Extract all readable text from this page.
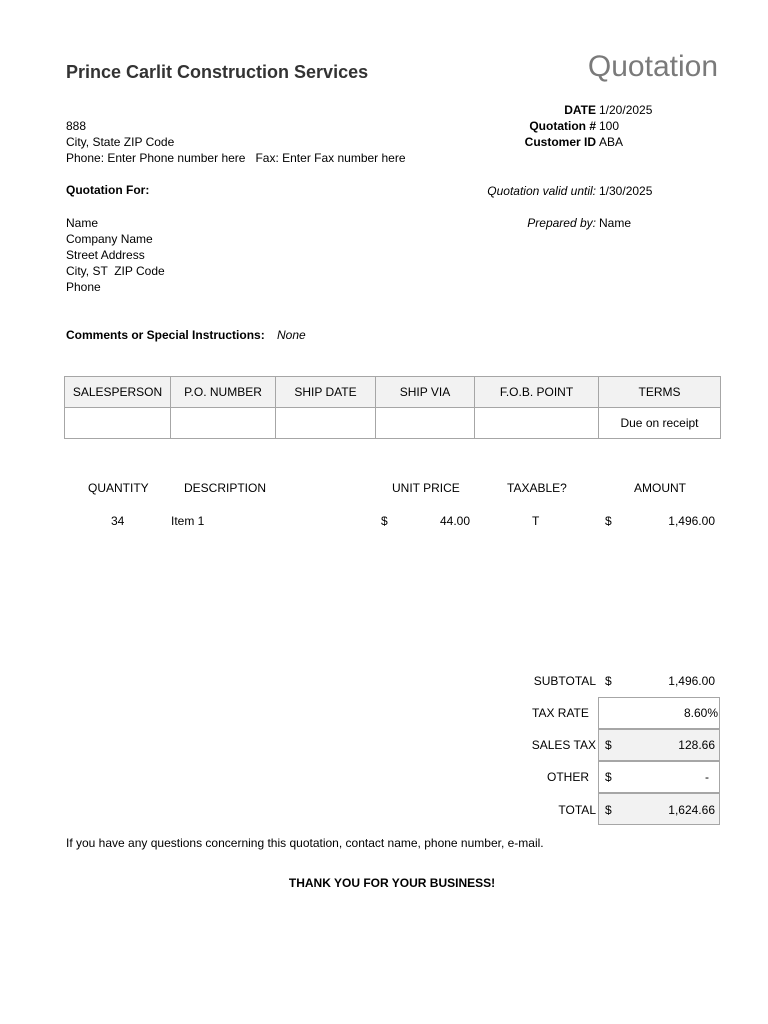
Prince Carlit Construction Services	Quotation
888
City, State ZIP Code
Phone: Enter Phone number here   Fax: Enter Fax number here
DATE 1/20/2025
Quotation # 100
Customer ID ABA
Quotation valid until: 1/30/2025
Prepared by: Name
Quotation For:
Name
Company Name
Street Address
City, ST  ZIP Code
Phone
Comments or Special Instructions: None
SALESPERSON	P.O. NUMBER	SHIP DATE	SHIP VIA	F.O.B. POINT	TERMS
					Due on receipt
QUANTITY	DESCRIPTION	UNIT PRICE	TAXABLE?	AMOUNT
34	Item 1	$	44.00	T	$	1,496.00
SUBTOTAL $	1,496.00
TAX RATE	8.60%
SALES TAX $	128.66
OTHER $	-
TOTAL $	1,624.66
If you have any questions concerning this quotation, contact name, phone number, e-mail.
THANK YOU FOR YOUR BUSINESS!
